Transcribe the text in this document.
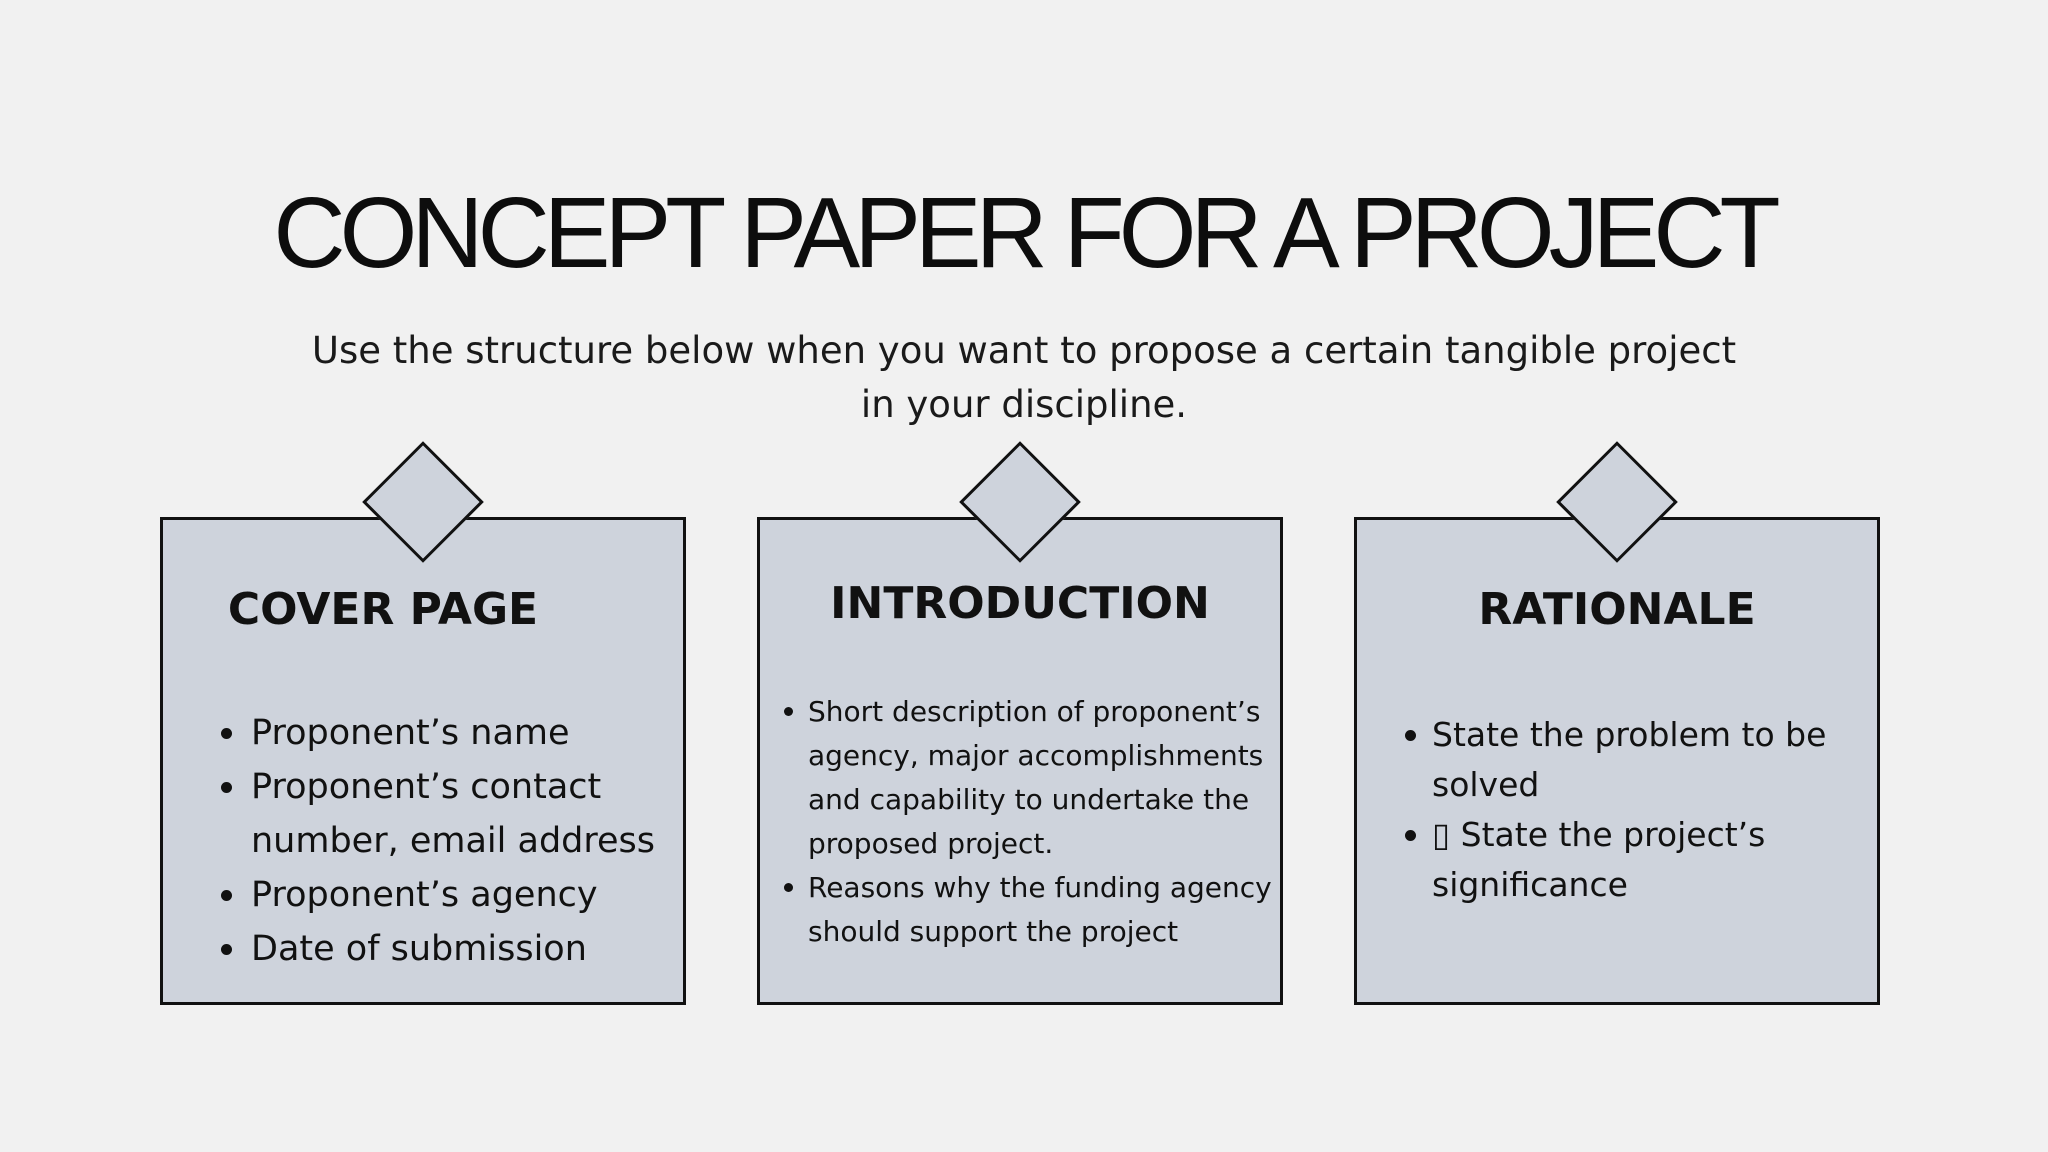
CONCEPT PAPER FOR A PROJECT

Use the structure below when you want to propose a certain tangible project in your discipline.

COVER PAGE
Proponent’s name
Proponent’s contact number, email address
Proponent’s agency
Date of submission
INTRODUCTION
Short description of proponent’s agency, major accomplishments and capability to undertake the proposed project.
Reasons why the funding agency should support the project
RATIONALE
State the problem to be solved
▯ State the project’s significance
